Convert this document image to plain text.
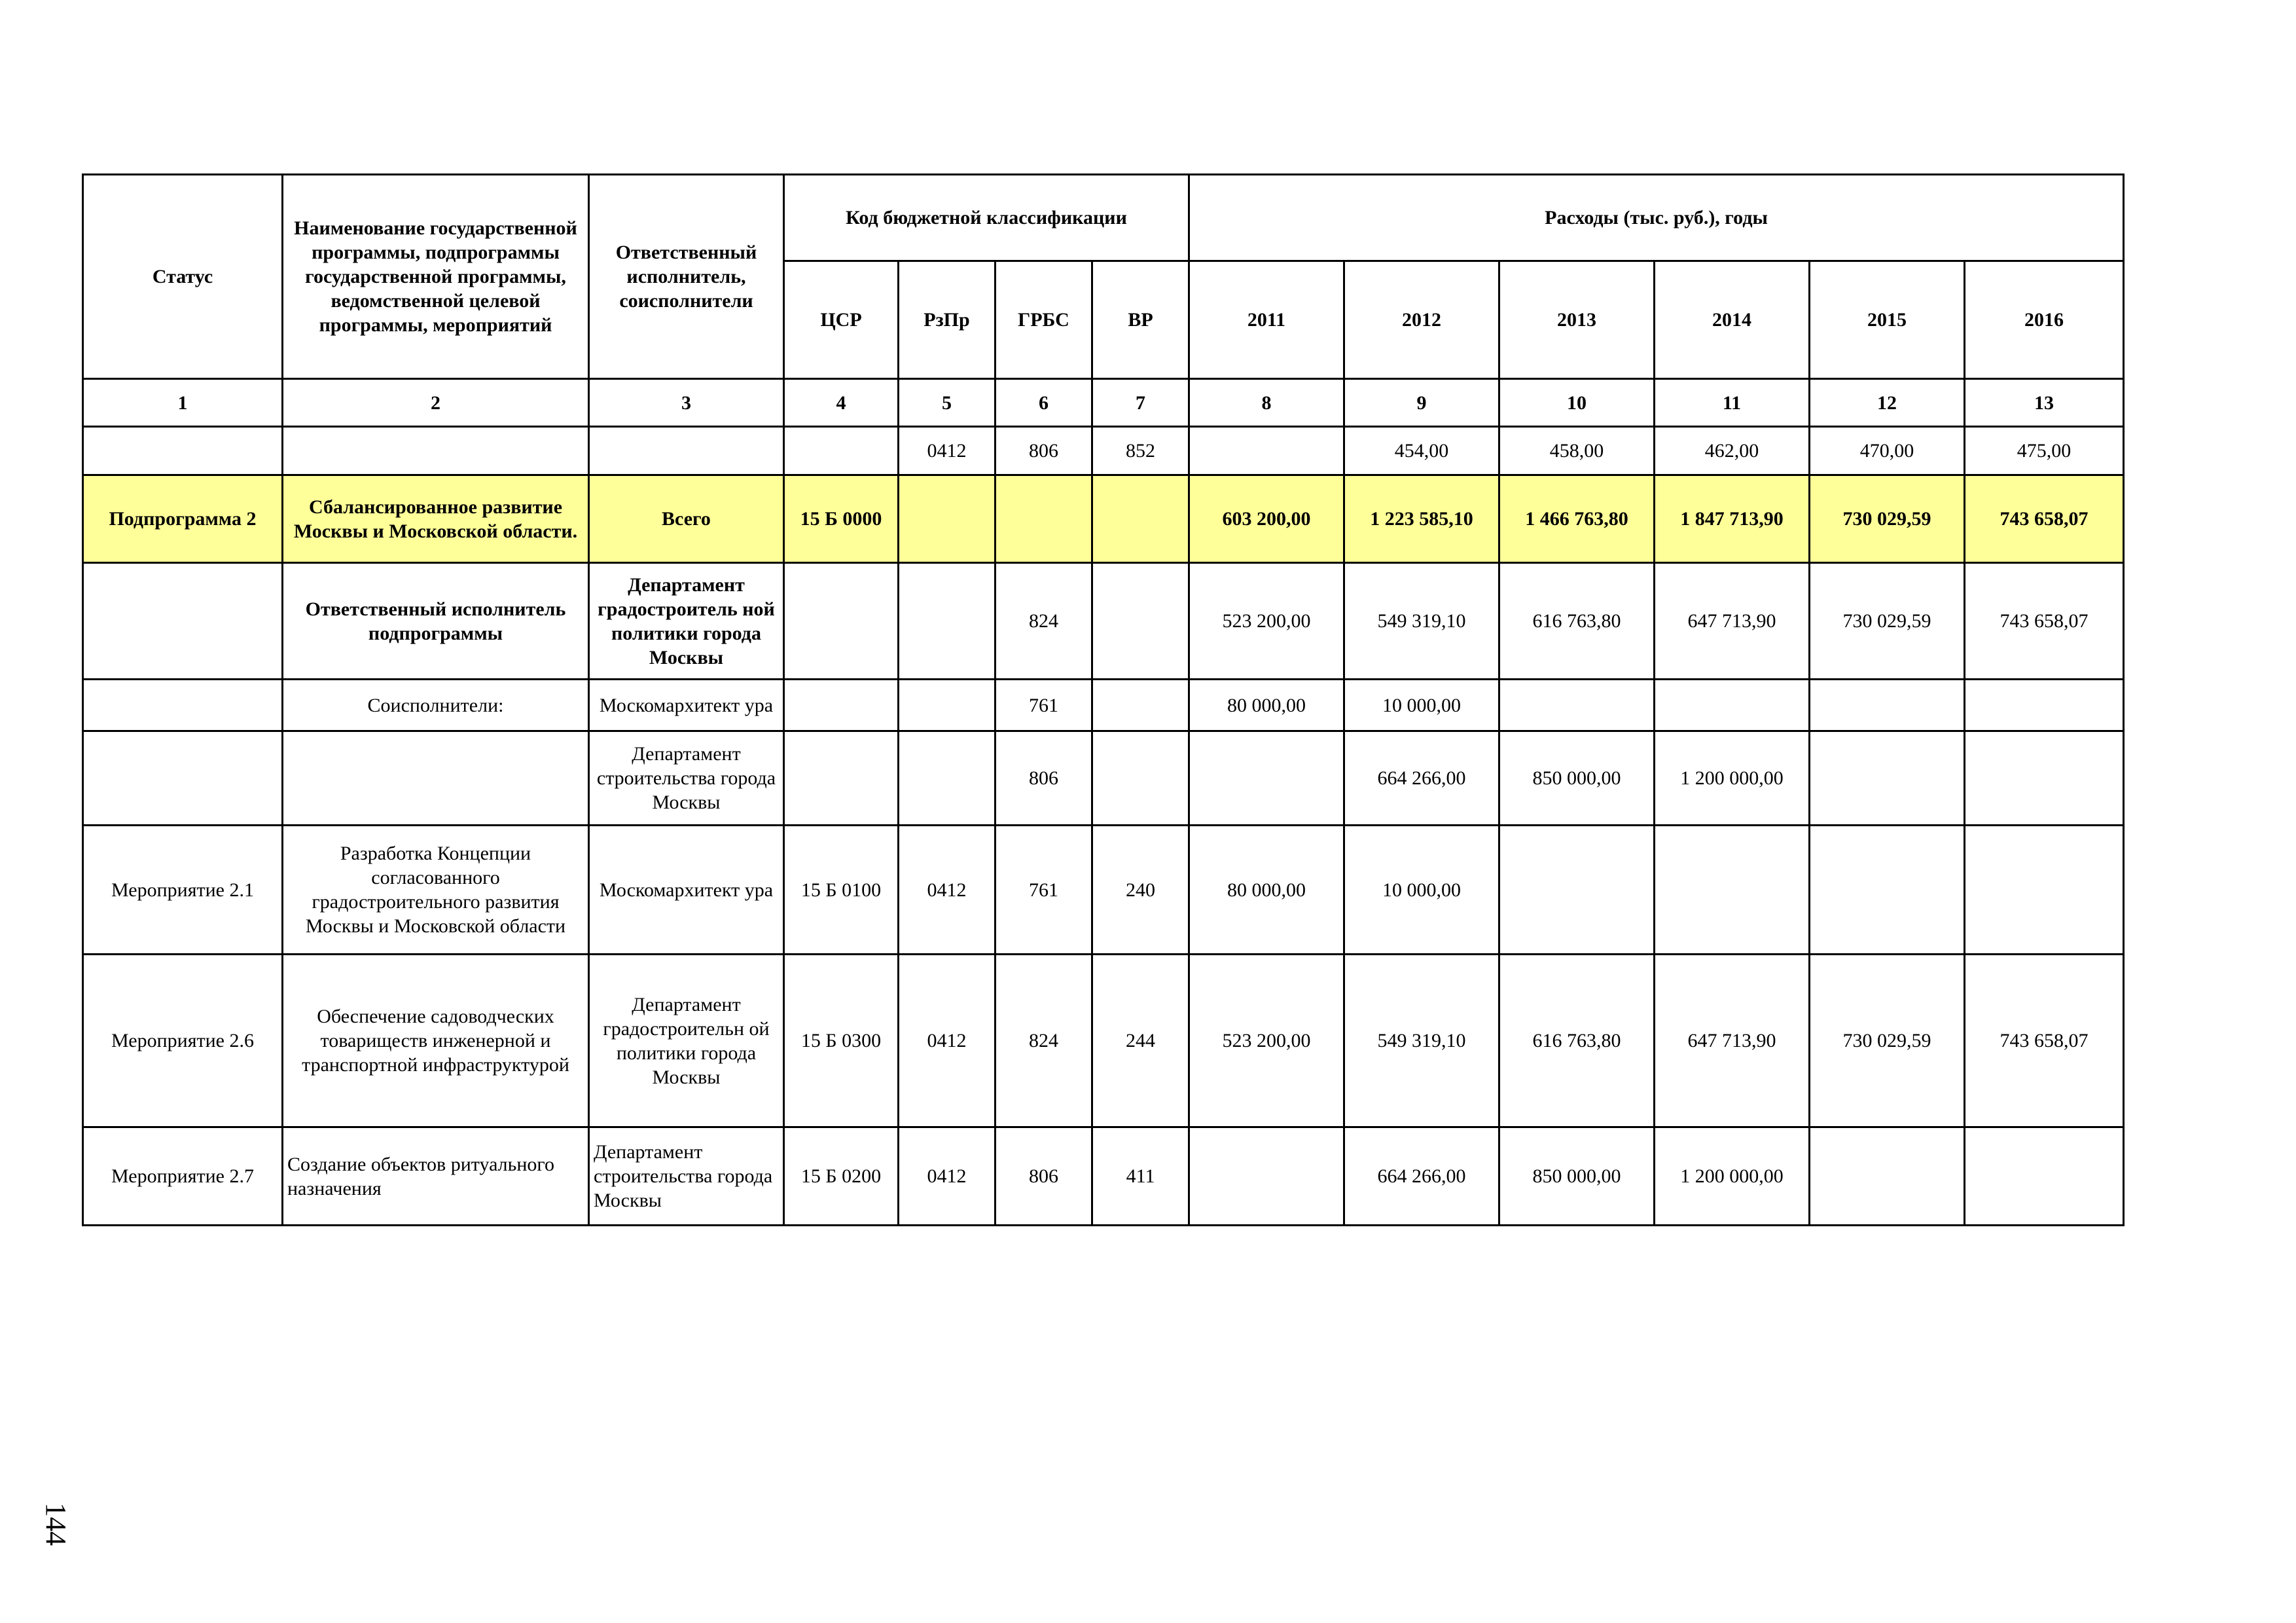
Статус	Наименование государственной программы, подпрограммы государственной программы, ведомственной целевой программы, мероприятий	Ответственный исполнитель, соисполнители	Код бюджетной классификации				Расходы (тыс. руб.), годы					
			ЦСР	РзПр	ГРБС	ВР	2011	2012	2013	2014	2015	2016
1	2	3	4	5	6	7	8	9	10	11	12	13
				0412	806	852		454,00	458,00	462,00	470,00	475,00
Подпрограмма 2	Сбалансированное развитие Москвы и Московской области.	Всего	15 Б 0000				603 200,00	1 223 585,10	1 466 763,80	1 847 713,90	730 029,59	743 658,07
	Ответственный исполнитель подпрограммы	Департамент градостроитель ной политики города Москвы			824		523 200,00	549 319,10	616 763,80	647 713,90	730 029,59	743 658,07
	Соисполнители:	Москомархитект ура			761		80 000,00	10 000,00				
		Департамент строительства города Москвы			806			664 266,00	850 000,00	1 200 000,00		
Мероприятие 2.1	Разработка Концепции согласованного градостроительного развития Москвы и Московской области	Москомархитект ура	15 Б 0100	0412	761	240	80 000,00	10 000,00				
Мероприятие 2.6	Обеспечение садоводческих товариществ инженерной и транспортной инфраструктурой	Департамент градостроительн ой политики города Москвы	15 Б 0300	0412	824	244	523 200,00	549 319,10	616 763,80	647 713,90	730 029,59	743 658,07
Мероприятие 2.7	Создание объектов ритуального назначения	Департамент строительства города Москвы	15 Б 0200	0412	806	411		664 266,00	850 000,00	1 200 000,00		
144
